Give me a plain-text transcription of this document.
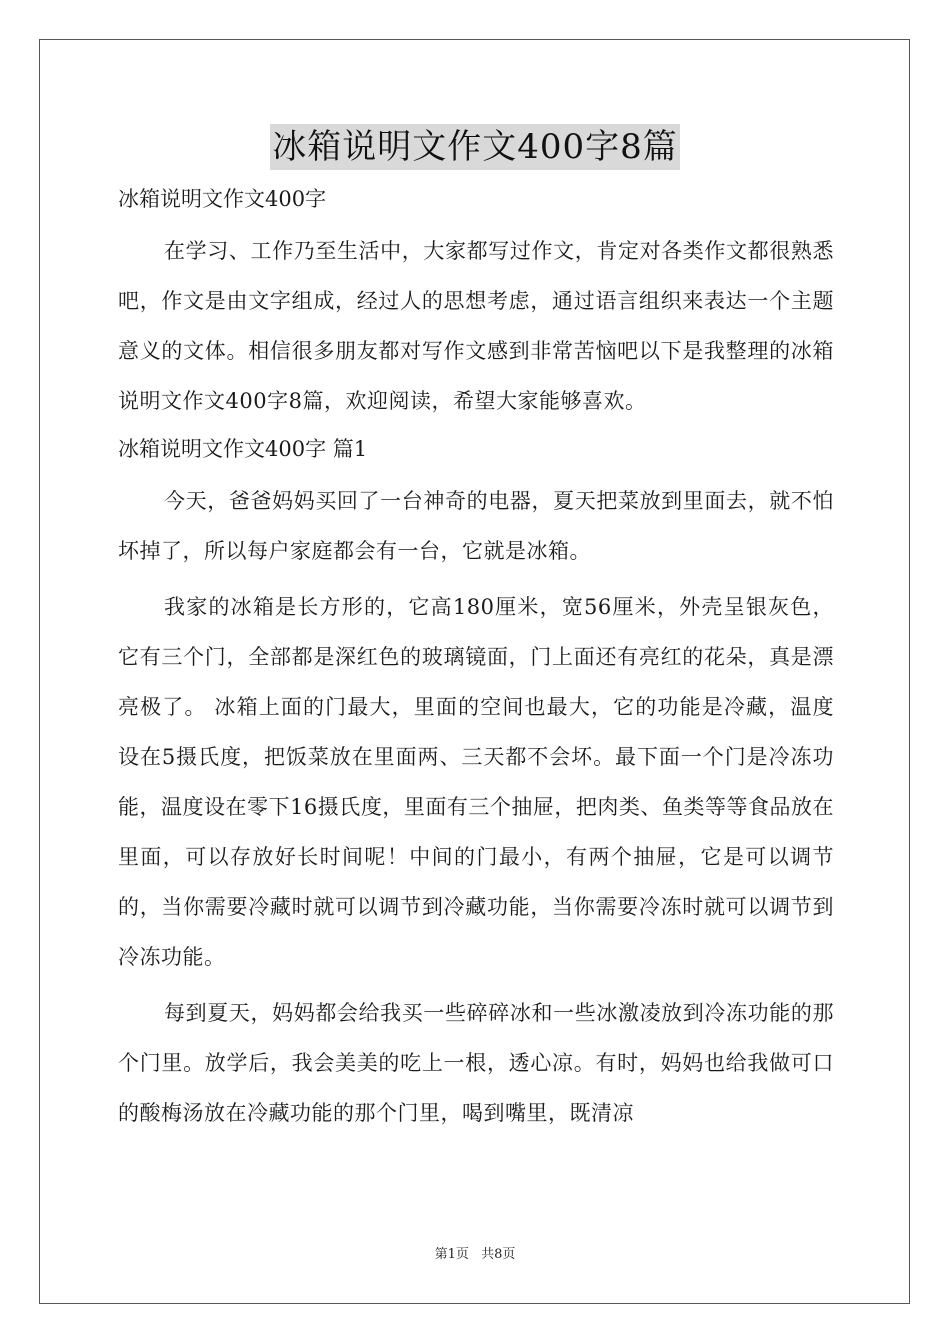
冰箱说明文作文400字8篇
冰箱说明文作文400字

在学习、工作乃至生活中，大家都写过作文，肯定对各类作文都很熟悉吧，作文是由文字组成，经过人的思想考虑，通过语言组织来表达一个主题意义的文体。相信很多朋友都对写作文感到非常苦恼吧以下是我整理的冰箱说明文作文400字8篇，欢迎阅读，希望大家能够喜欢。

冰箱说明文作文400字 篇1

今天，爸爸妈妈买回了一台神奇的电器，夏天把菜放到里面去，就不怕坏掉了，所以每户家庭都会有一台，它就是冰箱。

我家的冰箱是长方形的，它高180厘米，宽56厘米，外壳呈银灰色，它有三个门，全部都是深红色的玻璃镜面，门上面还有亮红的花朵，真是漂亮极了。 冰箱上面的门最大，里面的空间也最大，它的功能是冷藏，温度设在5摄氏度，把饭菜放在里面两、三天都不会坏。最下面一个门是冷冻功能，温度设在零下16摄氏度，里面有三个抽屉，把肉类、鱼类等等食品放在里面，可以存放好长时间呢！中间的门最小，有两个抽屉，它是可以调节的，当你需要冷藏时就可以调节到冷藏功能，当你需要冷冻时就可以调节到冷冻功能。

每到夏天，妈妈都会给我买一些碎碎冰和一些冰激凌放到冷冻功能的那个门里。放学后，我会美美的吃上一根，透心凉。有时，妈妈也给我做可口的酸梅汤放在冷藏功能的那个门里，喝到嘴里，既清凉

第1页 共8页
